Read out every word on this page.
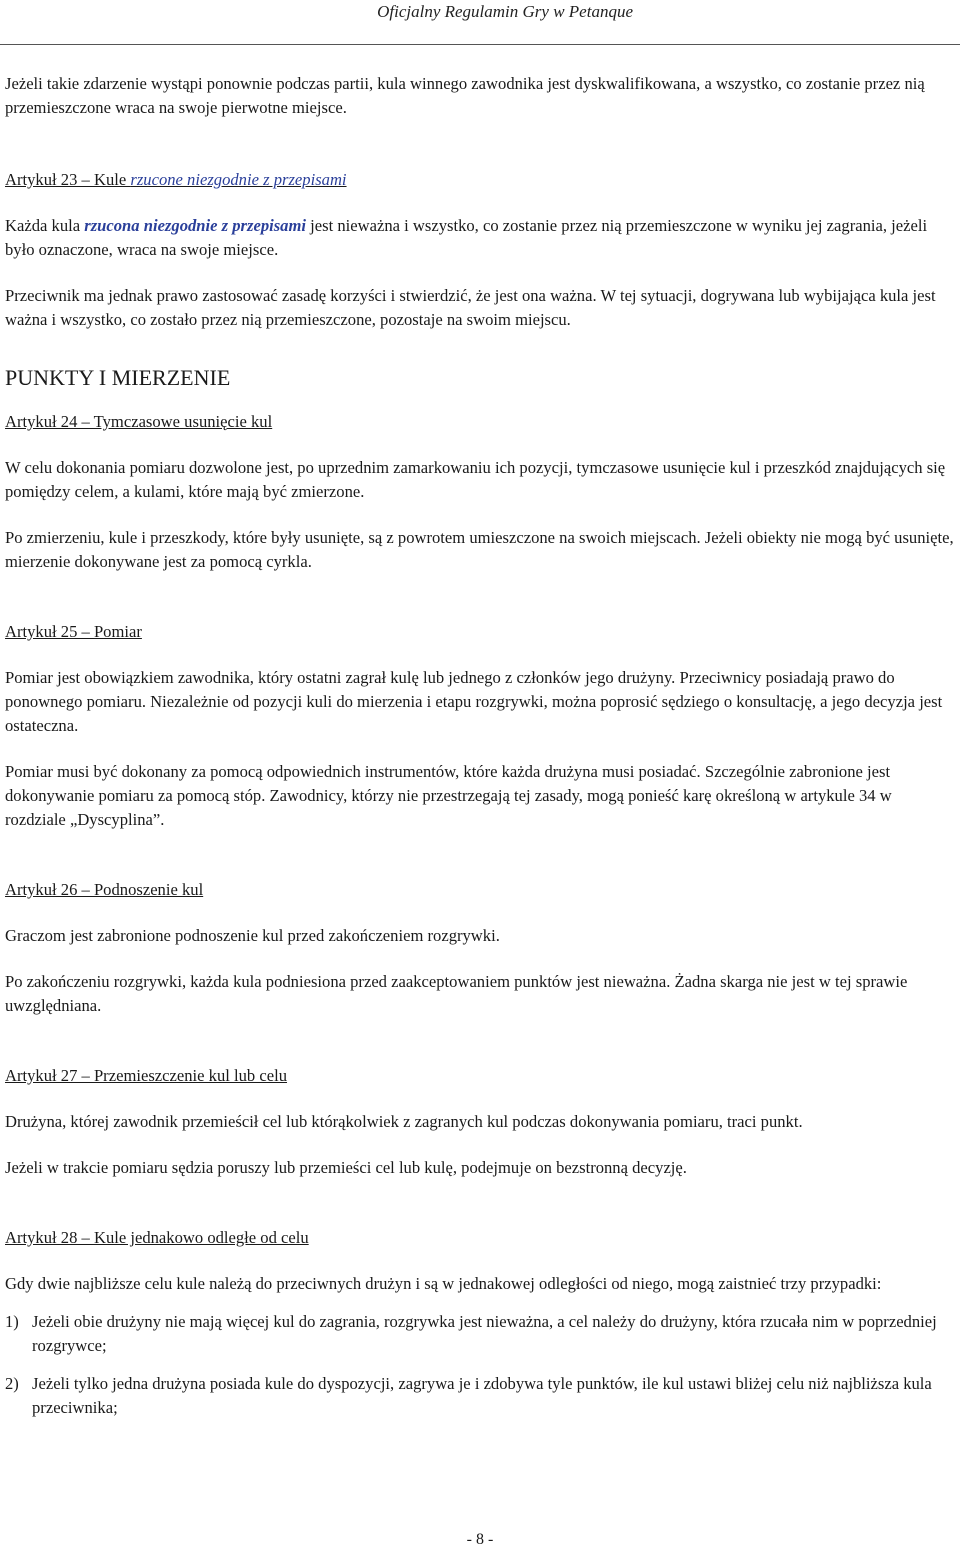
Oficjalny Regulamin Gry w Petanque

Jeżeli takie zdarzenie wystąpi ponownie podczas partii, kula winnego zawodnika jest dyskwalifikowana, a wszystko, co zostanie przez nią przemieszczone wraca na swoje pierwotne miejsce.

Artykuł 23 – Kule rzucone niezgodnie z przepisami

Każda kula rzucona niezgodnie z przepisami jest nieważna i wszystko, co zostanie przez nią przemieszczone w wyniku jej zagrania, jeżeli było oznaczone, wraca na swoje miejsce.

Przeciwnik ma jednak prawo zastosować zasadę korzyści i stwierdzić, że jest ona ważna. W tej sytuacji, dogrywana lub wybijająca kula jest ważna i wszystko, co zostało przez nią przemieszczone, pozostaje na swoim miejscu.

PUNKTY I MIERZENIE

Artykuł 24 – Tymczasowe usunięcie kul

W celu dokonania pomiaru dozwolone jest, po uprzednim zamarkowaniu ich pozycji, tymczasowe usunięcie kul i przeszkód znajdujących się pomiędzy celem, a kulami, które mają być zmierzone.

Po zmierzeniu, kule i przeszkody, które były usunięte, są z powrotem umieszczone na swoich miejscach. Jeżeli obiekty nie mogą być usunięte, mierzenie dokonywane jest za pomocą cyrkla.

Artykuł 25 – Pomiar

Pomiar jest obowiązkiem zawodnika, który ostatni zagrał kulę lub jednego z członków jego drużyny. Przeciwnicy posiadają prawo do ponownego pomiaru. Niezależnie od pozycji kuli do mierzenia i etapu rozgrywki, można poprosić sędziego o konsultację, a jego decyzja jest ostateczna.

Pomiar musi być dokonany za pomocą odpowiednich instrumentów, które każda drużyna musi posiadać. Szczególnie zabronione jest dokonywanie pomiaru za pomocą stóp. Zawodnicy, którzy nie przestrzegają tej zasady, mogą ponieść karę określoną w artykule 34 w rozdziale „Dyscyplina”.

Artykuł 26 – Podnoszenie kul

Graczom jest zabronione podnoszenie kul przed zakończeniem rozgrywki.

Po zakończeniu rozgrywki, każda kula podniesiona przed zaakceptowaniem punktów jest nieważna. Żadna skarga nie jest w tej sprawie uwzględniana.

Artykuł 27 – Przemieszczenie kul lub celu

Drużyna, której zawodnik przemieścił cel lub którąkolwiek z zagranych kul podczas dokonywania pomiaru, traci punkt.

Jeżeli w trakcie pomiaru sędzia poruszy lub przemieści cel lub kulę, podejmuje on bezstronną decyzję.

Artykuł 28 – Kule jednakowo odległe od celu

Gdy dwie najbliższe celu kule należą do przeciwnych drużyn i są w jednakowej odległości od niego, mogą zaistnieć trzy przypadki:

1) Jeżeli obie drużyny nie mają więcej kul do zagrania, rozgrywka jest nieważna, a cel należy do drużyny, która rzucała nim w poprzedniej rozgrywce;
2) Jeżeli tylko jedna drużyna posiada kule do dyspozycji, zagrywa je i zdobywa tyle punktów, ile kul ustawi bliżej celu niż najbliższa kula przeciwnika;
- 8 -
